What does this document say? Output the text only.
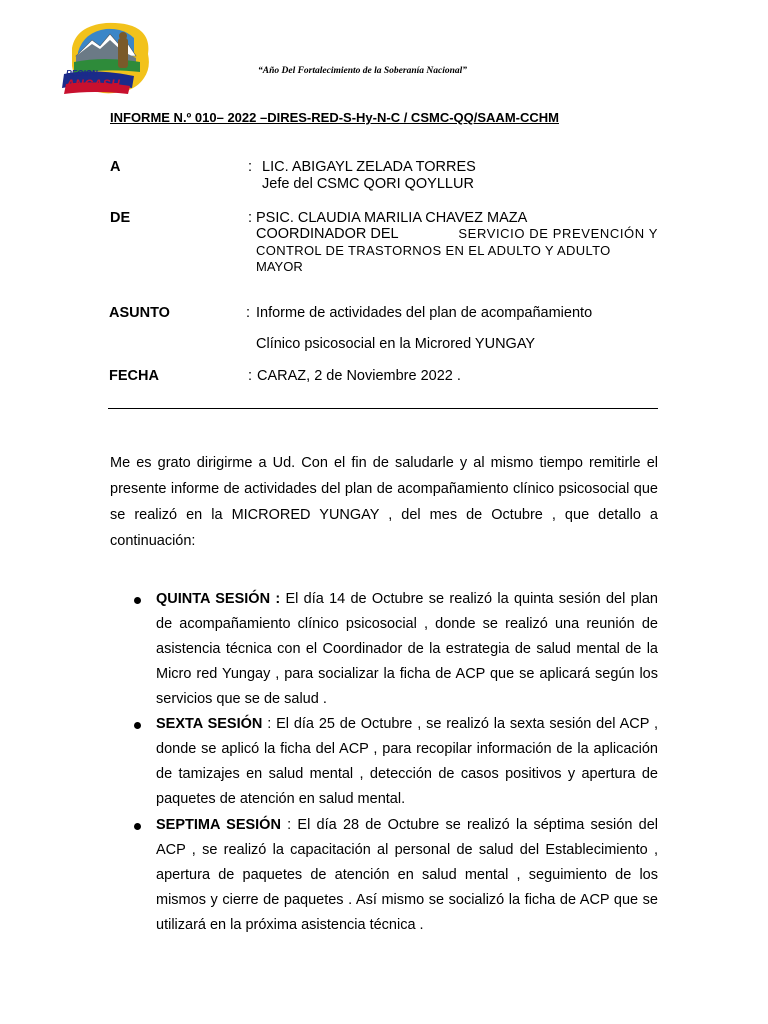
REGION
ANCASH
“Año Del Fortalecimiento de la Soberanía Nacional”
INFORME N.º 010– 2022 –DIRES-RED-S-Hy-N-C / CSMC-QQ/SAAM-CCHM
A	: LIC. ABIGAYL ZELADA TORRES
Jefe del CSMC QORI QOYLLUR
DE	: PSIC. CLAUDIA MARILIA CHAVEZ MAZA
COORDINADOR DEL	SERVICIO DE PREVENCIÓN Y
CONTROL DE TRASTORNOS EN EL ADULTO Y ADULTO
MAYOR
ASUNTO	: Informe de actividades del plan de acompañamiento
Clínico psicosocial en la Microred YUNGAY
FECHA	: CARAZ, 2 de Noviembre 2022 .
Me es grato dirigirme a Ud. Con el fin de saludarle y al mismo tiempo remitirle el presente informe de actividades del plan de acompañamiento clínico psicosocial que se realizó en la MICRORED YUNGAY , del mes de Octubre , que detallo a continuación:
QUINTA SESIÓN : El día 14 de Octubre se realizó la quinta sesión del plan de acompañamiento clínico psicosocial , donde se realizó una reunión de asistencia técnica con el Coordinador de la estrategia de salud mental de la Micro red Yungay , para socializar la ficha de ACP que se aplicará según los servicios que se de salud .
SEXTA SESIÓN : El día 25 de Octubre , se realizó la sexta sesión del ACP , donde se aplicó la ficha del ACP , para recopilar información de la aplicación de tamizajes en salud mental , detección de casos positivos y apertura de paquetes de atención en salud mental.
SEPTIMA SESIÓN : El día 28 de Octubre se realizó la séptima sesión del ACP , se realizó la capacitación al personal de salud del Establecimiento , apertura de paquetes de atención en salud mental , seguimiento de los mismos y cierre de paquetes . Así mismo se socializó la ficha de ACP que se utilizará en la próxima asistencia técnica .
